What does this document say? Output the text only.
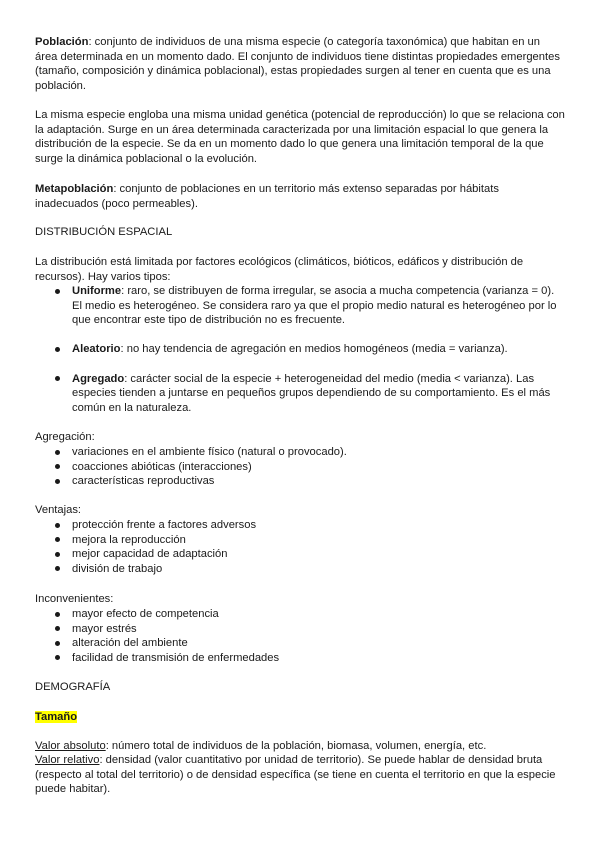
Población: conjunto de individuos de una misma especie (o categoría taxonómica) que habitan en un área determinada en un momento dado. El conjunto de individuos tiene distintas propiedades emergentes (tamaño, composición y dinámica poblacional), estas propiedades surgen al tener en cuenta que es una población.

La misma especie engloba una misma unidad genética (potencial de reproducción) lo que se relaciona con la adaptación. Surge en un área determinada caracterizada por una limitación espacial lo que genera la distribución de la especie. Se da en un momento dado lo que genera una limitación temporal de la que surge la dinámica poblacional o la evolución.

Metapoblación: conjunto de poblaciones en un territorio más extenso separadas por hábitats inadecuados (poco permeables).

DISTRIBUCIÓN ESPACIAL

La distribución está limitada por factores ecológicos (climáticos, bióticos, edáficos y distribución de recursos). Hay varios tipos:

Uniforme: raro, se distribuyen de forma irregular, se asocia a mucha competencia (varianza = 0). El medio es heterogéneo. Se considera raro ya que el propio medio natural es heterogéneo por lo que encontrar este tipo de distribución no es frecuente.
Aleatorio: no hay tendencia de agregación en medios homogéneos (media = varianza).
Agregado: carácter social de la especie + heterogeneidad del medio (media < varianza). Las especies tienden a juntarse en pequeños grupos dependiendo de su comportamiento. Es el más común en la naturaleza.

Agregación:

variaciones en el ambiente físico (natural o provocado).
coacciones abióticas (interacciones)
características reproductivas

Ventajas:

protección frente a factores adversos
mejora la reproducción
mejor capacidad de adaptación
división de trabajo

Inconvenientes:

mayor efecto de competencia
mayor estrés
alteración del ambiente
facilidad de transmisión de enfermedades

DEMOGRAFÍA

Tamaño

Valor absoluto: número total de individuos de la población, biomasa, volumen, energía, etc.

Valor relativo: densidad (valor cuantitativo por unidad de territorio). Se puede hablar de densidad bruta (respecto al total del territorio) o de densidad específica (se tiene en cuenta el territorio en que la especie puede habitar).
